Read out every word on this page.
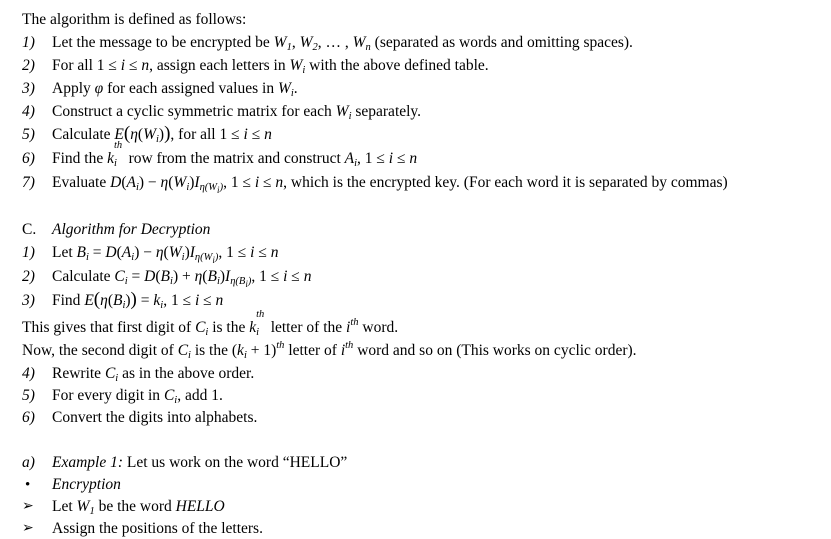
The algorithm is defined as follows:
1) Let the message to be encrypted be $W_1$, $W_2$, … , $W_n$ (separated as words and omitting spaces).
2) For all 1 ≤ i ≤ n, assign each letters in $W_i$ with the above defined table.
3) Apply φ for each assigned values in $W_i$.
4) Construct a cyclic symmetric matrix for each $W_i$ separately.
5) Calculate $E(\eta(W_i))$, for all 1 ≤ i ≤ n
6) Find the k
th
$_i$ row from the matrix and construct $A_i$, 1 ≤ i ≤ n
7) Evaluate $D(A_i) - \eta(W_i)I_{\eta(Wi)}$, 1 ≤ i ≤ n, which is the encrypted key. (For each word it is separated by commas)
C. Algorithm for Decryption
1) Let $B_i = D(A_i) - \eta(W_i)I_{\eta(Wi)}$, 1 ≤ i ≤ n
2) Calculate $C_i = D(B_i) + \eta(B_i)I_{\eta(Bi)}$, 1 ≤ i ≤ n
3) Find $E(\eta(B_i)) = k_i$, 1 ≤ i ≤ n
This gives that first digit of $C_i$ is the k
th
$_i$ letter of the $i^{th}$ word.
Now, the second digit of $C_i$ is the $(k_i + 1)^{th}$ letter of $i^{th}$ word and so on (This works on cyclic order).
4) Rewrite $C_i$ as in the above order.
5) For every digit in $C_i$, add 1.
6) Convert the digits into alphabets.
a) Example 1: Let us work on the word “HELLO”
• Encryption
➢ Let $W_1$ be the word HELLO
➢ Assign the positions of the letters.
